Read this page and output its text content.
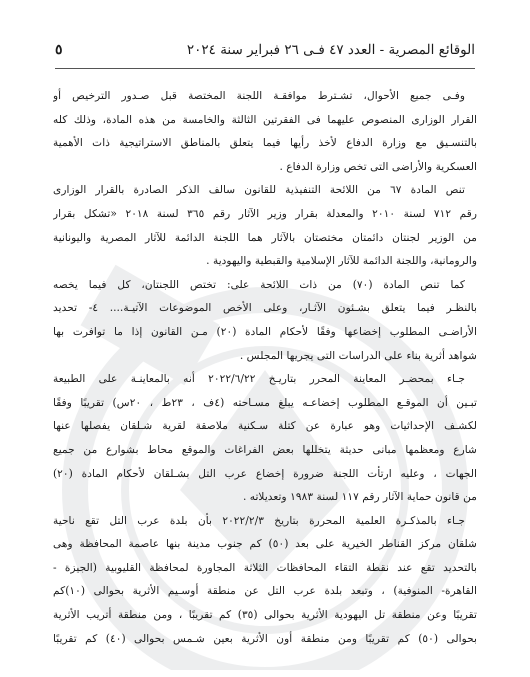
الوقائع المصرية - العدد ٤٧ فـى ٢٦ فبراير سنة ٢٠٢٤
٥
وفـى جميع الأحوال، تشـترط موافقـة اللجنة المختصة قبل صـدور الترخيص أو
القرار الوزارى المنصوص عليهما فى الفقرتين الثالثة والخامسة من هذه المادة، وذلك كله
بالتنسـيق مع وزارة الدفاع لأخذ رأيها فيما يتعلق بالمناطق الاستراتيجية ذات الأهمية
العسكرية والأراضى التى تخص وزارة الدفاع .
تنص المادة ٦٧ من اللائحة التنفيذية للقانون سالف الذكر الصادرة بالقرار الوزارى
رقم ٧١٢ لسنة ٢٠١٠ والمعدلة بقرار وزير الآثار رقم ٣٦٥ لسنة ٢٠١٨ «تشكل بقرار
من الوزير لجنتان دائمتان مختصتان بالآثار هما اللجنة الدائمة للآثار المصرية واليونانية
والرومانية، واللجنة الدائمة للآثار الإسلامية والقبطية واليهودية .
كما تنص المادة (٧٠) من ذات اللائحة على: تختص اللجنتان، كل فيما يخصه
بالنظـر فيما يتعلق بشـئون الآثـار، وعلى الأخص الموضوعات الآتيـة.... ٤- تحديد
الأراضـى المطلوب إخضاعها وفقًا لأحكام المادة (٢٠) مـن القانون إذا ما توافرت بها
شواهد أثرية بناء على الدراسات التى يجريها المجلس .
جـاء بمحضـر المعاينة المحرر بتاريـخ ٢٠٢٢/٦/٢٢ أنه بالمعاينـة على الطبيعة
تبـين أن الموقـع المطلوب إخضاعـه يبلغ مسـاحته (٤ف ، ٢٣ط ، ٢٠س) تقريبًا وفقًا
لكشـف الإحداثيات وهو عبارة عن كتلة سـكنية ملاصقة لقرية شـلقان يفصلها عنها
شارع ومعظمها مبانى حديثة يتخللها بعض الفراغات والموقع محاط بشوارع من جميع
الجهات ، وعليه ارتأت اللجنة ضرورة إخضاع عرب التل بشـلقان لأحكام المادة (٢٠)
من قانون حماية الآثار رقم ١١٧ لسنة ١٩٨٣ وتعديلاته .
جـاء بالمذكـرة العلمية المحررة بتاريخ ٢٠٢٢/٢/٣ بأن بلدة عرب التل تقع ناحية
شلقان مركز القناطر الخيرية على بعد (٥٠) كم جنوب مدينة بنها عاصمة المحافظة وهى
بالتحديد تقع عند نقطة التقاء المحافظات الثلاثة المجاورة لمحافظة القليوبية (الجيزة -
القاهرة- المنوفية) ، وتبعد بلدة عرب التل عن منطقة أوسـيم الأثرية بحوالى (١٠)كم
تقريبًا وعن منطقة تل اليهودية الأثرية بحوالى (٣٥) كم تقريبًا ، ومن منطقة أتريب الأثرية
بحوالى (٥٠) كم تقريبًا ومن منطقة أون الأثرية بعين شـمس بحوالى (٤٠) كم تقريبًا
